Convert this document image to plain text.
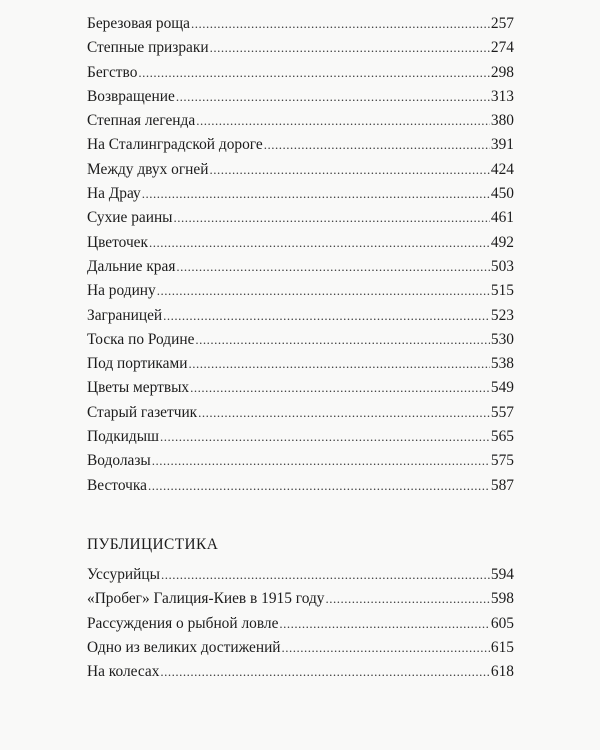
Березовая роща .....	257
Степные призраки .....	274
Бегство .....	298
Возвращение .....	313
Степная легенда .....	380
На Сталинградской дороге .....	391
Между двух огней .....	424
На Драу .....	450
Сухие раины .....	461
Цветочек .....	492
Дальние края .....	503
На родину .....	515
Заграницей .....	523
Тоска по Родине .....	530
Под портиками .....	538
Цветы мертвых .....	549
Старый газетчик .....	557
Подкидыш .....	565
Водолазы .....	575
Весточка .....	587
ПУБЛИЦИСТИКА
Уссурийцы .....	594
«Пробег» Галиция-Киев в 1915 году .....	598
Рассуждения о рыбной ловле .....	605
Одно из великих достижений .....	615
На колесах .....	618
